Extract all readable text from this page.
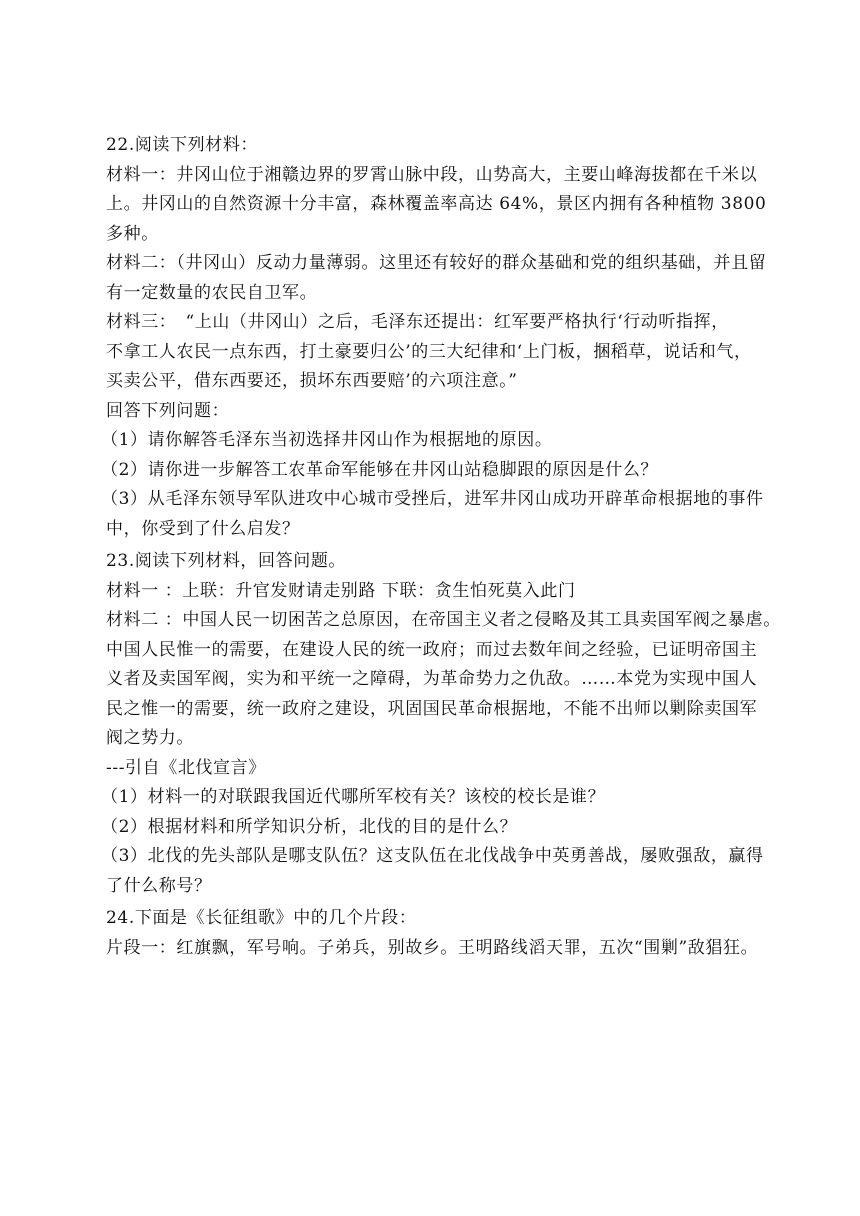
22.阅读下列材料：
材料一：井冈山位于湘赣边界的罗霄山脉中段，山势高大，主要山峰海拔都在千米以
上。井冈山的自然资源十分丰富，森林覆盖率高达 64%，景区内拥有各种植物 3800
多种。
材料二：（井冈山）反动力量薄弱。这里还有较好的群众基础和党的组织基础，并且留
有一定数量的农民自卫军。
材料三：　“上山（井冈山）之后，毛泽东还提出：红军要严格执行‘行动听指挥，
不拿工人农民一点东西，打土豪要归公’的三大纪律和‘上门板，捆稻草，说话和气，
买卖公平，借东西要还，损坏东西要赔’的六项注意。”
回答下列问题：
（1）请你解答毛泽东当初选择井冈山作为根据地的原因。
（2）请你进一步解答工农革命军能够在井冈山站稳脚跟的原因是什么？
（3）从毛泽东领导军队进攻中心城市受挫后，进军井冈山成功开辟革命根据地的事件
中，你受到了什么启发？
23.阅读下列材料，回答问题。
材料一 ：上联：升官发财请走别路 下联：贪生怕死莫入此门
材料二 ：中国人民一切困苦之总原因，在帝国主义者之侵略及其工具卖国军阀之暴虐。
中国人民惟一的需要，在建设人民的统一政府；而过去数年间之经验，已证明帝国主
义者及卖国军阀，实为和平统一之障碍，为革命势力之仇敌。……本党为实现中国人
民之惟一的需要，统一政府之建设，巩固国民革命根据地，不能不出师以剿除卖国军
阀之势力。
---引自《北伐宣言》
（1）材料一的对联跟我国近代哪所军校有关？该校的校长是谁？
（2）根据材料和所学知识分析，北伐的目的是什么？
（3）北伐的先头部队是哪支队伍？这支队伍在北伐战争中英勇善战，屡败强敌，赢得
了什么称号？
24.下面是《长征组歌》中的几个片段：
片段一：红旗飘，军号响。子弟兵，别故乡。王明路线滔天罪，五次“围剿”敌猖狂。
